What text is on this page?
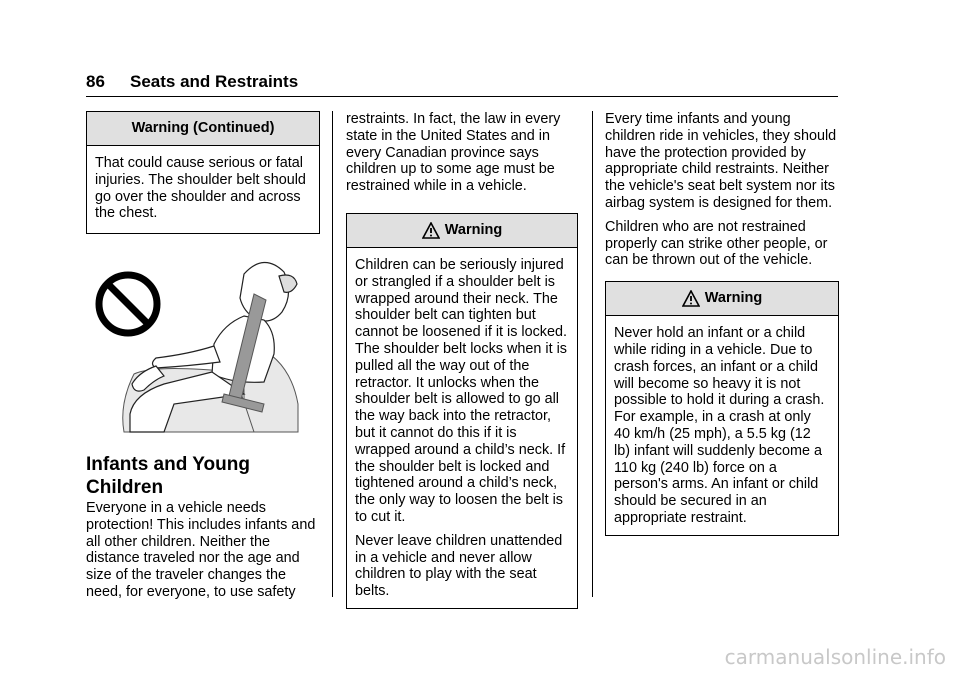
86 Seats and Restraints
Warning (Continued)

That could cause serious or fatal injuries. The shoulder belt should go over the shoulder and across the chest.

Infants and Young Children
Everyone in a vehicle needs protection! This includes infants and all other children. Neither the distance traveled nor the age and size of the traveler changes the need, for everyone, to use safety

restraints. In fact, the law in every state in the United States and in every Canadian province says children up to some age must be restrained while in a vehicle.

Warning

Children can be seriously injured or strangled if a shoulder belt is wrapped around their neck. The shoulder belt can tighten but cannot be loosened if it is locked. The shoulder belt locks when it is pulled all the way out of the retractor. It unlocks when the shoulder belt is allowed to go all the way back into the retractor, but it cannot do this if it is wrapped around a child’s neck. If the shoulder belt is locked and tightened around a child’s neck, the only way to loosen the belt is to cut it.

Never leave children unattended in a vehicle and never allow children to play with the seat belts.

Every time infants and young children ride in vehicles, they should have the protection provided by appropriate child restraints. Neither the vehicle's seat belt system nor its airbag system is designed for them.

Children who are not restrained properly can strike other people, or can be thrown out of the vehicle.

Warning

Never hold an infant or a child while riding in a vehicle. Due to crash forces, an infant or a child will become so heavy it is not possible to hold it during a crash. For example, in a crash at only 40 km/h (25 mph), a 5.5 kg (12 lb) infant will suddenly become a 110 kg (240 lb) force on a person's arms. An infant or child should be secured in an appropriate restraint.

carmanualsonline.info
